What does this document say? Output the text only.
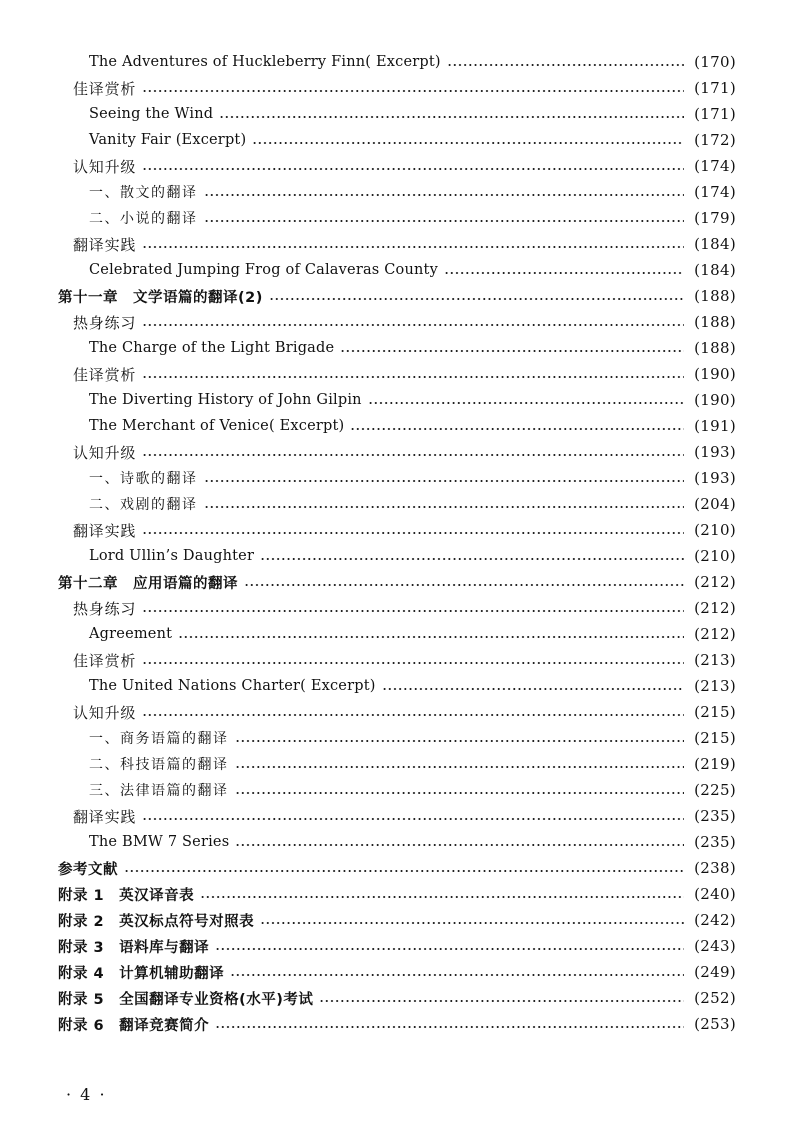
The Adventures of Huckleberry Finn( Excerpt)	(170)
佳译赏析	(171)
Seeing the Wind	(171)
Vanity Fair (Excerpt)	(172)
认知升级	(174)
一、散文的翻译	(174)
二、小说的翻译	(179)
翻译实践	(184)
Celebrated Jumping Frog of Calaveras County	(184)
第十一章　文学语篇的翻译(2)	(188)
热身练习	(188)
The Charge of the Light Brigade	(188)
佳译赏析	(190)
The Diverting History of John Gilpin	(190)
The Merchant of Venice( Excerpt)	(191)
认知升级	(193)
一、诗歌的翻译	(193)
二、戏剧的翻译	(204)
翻译实践	(210)
Lord Ullin’s Daughter	(210)
第十二章　应用语篇的翻译	(212)
热身练习	(212)
Agreement	(212)
佳译赏析	(213)
The United Nations Charter( Excerpt)	(213)
认知升级	(215)
一、商务语篇的翻译	(215)
二、科技语篇的翻译	(219)
三、法律语篇的翻译	(225)
翻译实践	(235)
The BMW 7 Series	(235)
参考文献	(238)
附录 1　英汉译音表	(240)
附录 2　英汉标点符号对照表	(242)
附录 3　语料库与翻译	(243)
附录 4　计算机辅助翻译	(249)
附录 5　全国翻译专业资格(水平)考试	(252)
附录 6　翻译竞赛简介	(253)
· 4 ·
